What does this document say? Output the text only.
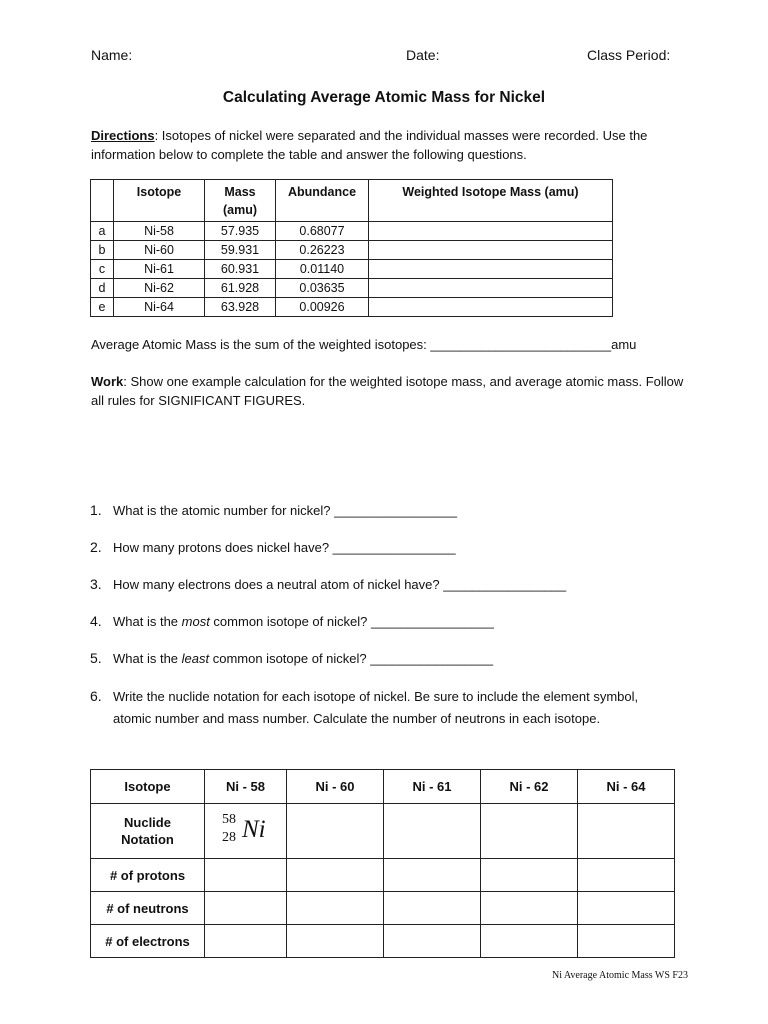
Name:	Date:	Class Period:
Calculating Average Atomic Mass for Nickel
Directions: Isotopes of nickel were separated and the individual masses were recorded. Use the information below to complete the table and answer the following questions.
	Isotope	Mass (amu)	Abundance	Weighted Isotope Mass (amu)
a	Ni-58	57.935	0.68077	
b	Ni-60	59.931	0.26223	
c	Ni-61	60.931	0.01140	
d	Ni-62	61.928	0.03635	
e	Ni-64	63.928	0.00926	
Average Atomic Mass is the sum of the weighted isotopes: _________________________amu
Work: Show one example calculation for the weighted isotope mass, and average atomic mass. Follow all rules for SIGNIFICANT FIGURES.
1. What is the atomic number for nickel? _________________
2. How many protons does nickel have? _________________
3. How many electrons does a neutral atom of nickel have? _________________
4. What is the most common isotope of nickel? _________________
5. What is the least common isotope of nickel? _________________
6. Write the nuclide notation for each isotope of nickel. Be sure to include the element symbol, atomic number and mass number. Calculate the number of neutrons in each isotope.
Isotope	Ni - 58	Ni - 60	Ni - 61	Ni - 62	Ni - 64
Nuclide Notation	58
28 Ni				

# of protons					
# of neutrons					
# of electrons					
Ni Average Atomic Mass WS F23
